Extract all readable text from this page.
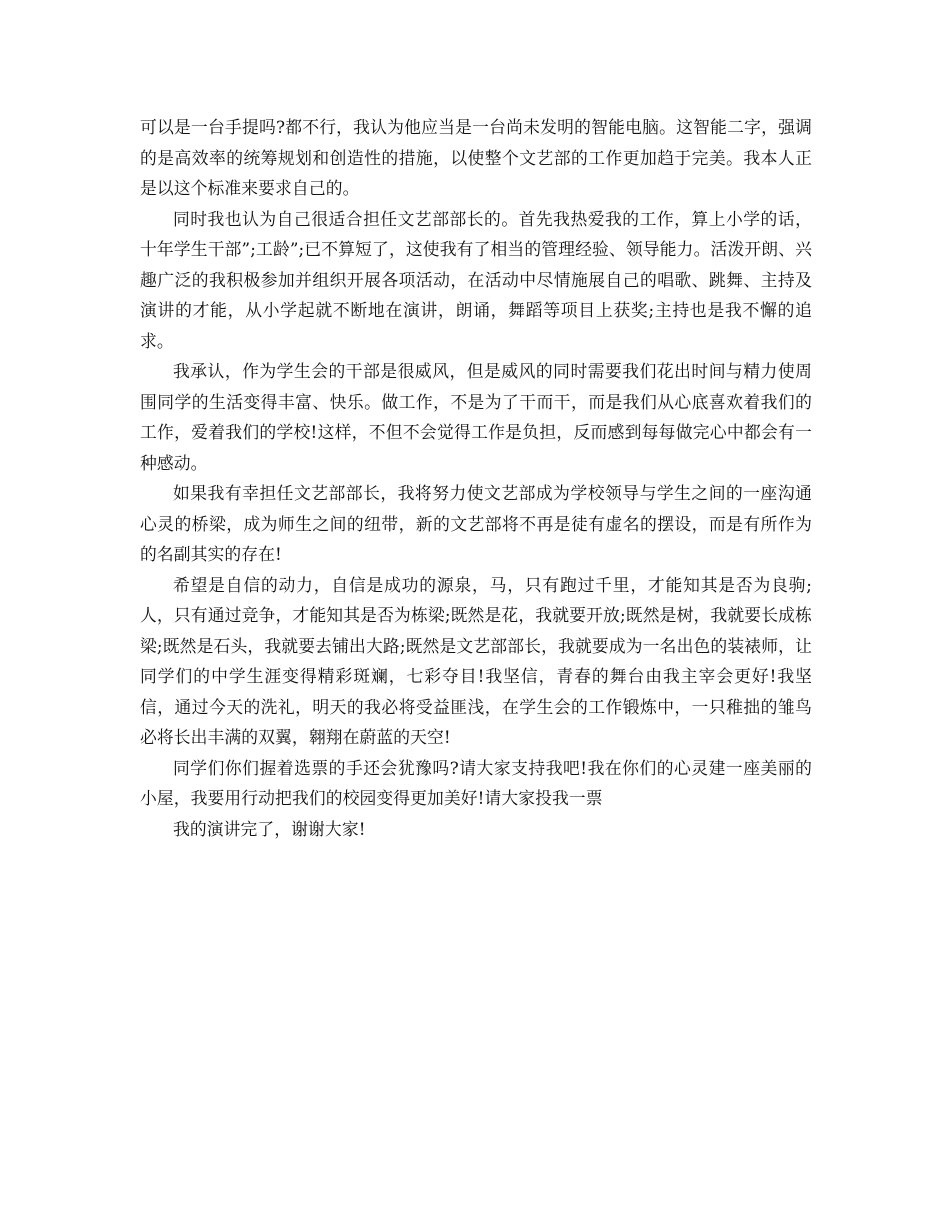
可以是一台手提吗?都不行，我认为他应当是一台尚未发明的智能电脑。这智能二字，强调的是高效率的统筹规划和创造性的措施，以使整个文艺部的工作更加趋于完美。我本人正是以这个标准来要求自己的。

同时我也认为自己很适合担任文艺部部长的。首先我热爱我的工作，算上小学的话，十年学生干部”;工龄”;已不算短了，这使我有了相当的管理经验、领导能力。活泼开朗、兴趣广泛的我积极参加并组织开展各项活动，在活动中尽情施展自己的唱歌、跳舞、主持及演讲的才能，从小学起就不断地在演讲，朗诵，舞蹈等项目上获奖;主持也是我不懈的追求。

我承认，作为学生会的干部是很威风，但是威风的同时需要我们花出时间与精力使周围同学的生活变得丰富、快乐。做工作，不是为了干而干，而是我们从心底喜欢着我们的工作，爱着我们的学校!这样，不但不会觉得工作是负担，反而感到每每做完心中都会有一种感动。

如果我有幸担任文艺部部长，我将努力使文艺部成为学校领导与学生之间的一座沟通心灵的桥梁，成为师生之间的纽带，新的文艺部将不再是徒有虚名的摆设，而是有所作为的名副其实的存在!

希望是自信的动力，自信是成功的源泉，马，只有跑过千里，才能知其是否为良驹;人，只有通过竞争，才能知其是否为栋梁;既然是花，我就要开放;既然是树，我就要长成栋梁;既然是石头，我就要去铺出大路;既然是文艺部部长，我就要成为一名出色的装裱师，让同学们的中学生涯变得精彩斑斓，七彩夺目!我坚信，青春的舞台由我主宰会更好!我坚信，通过今天的洗礼，明天的我必将受益匪浅，在学生会的工作锻炼中，一只稚拙的雏鸟必将长出丰满的双翼，翱翔在蔚蓝的天空!

同学们你们握着选票的手还会犹豫吗?请大家支持我吧!我在你们的心灵建一座美丽的小屋，我要用行动把我们的校园变得更加美好!请大家投我一票

我的演讲完了，谢谢大家!
